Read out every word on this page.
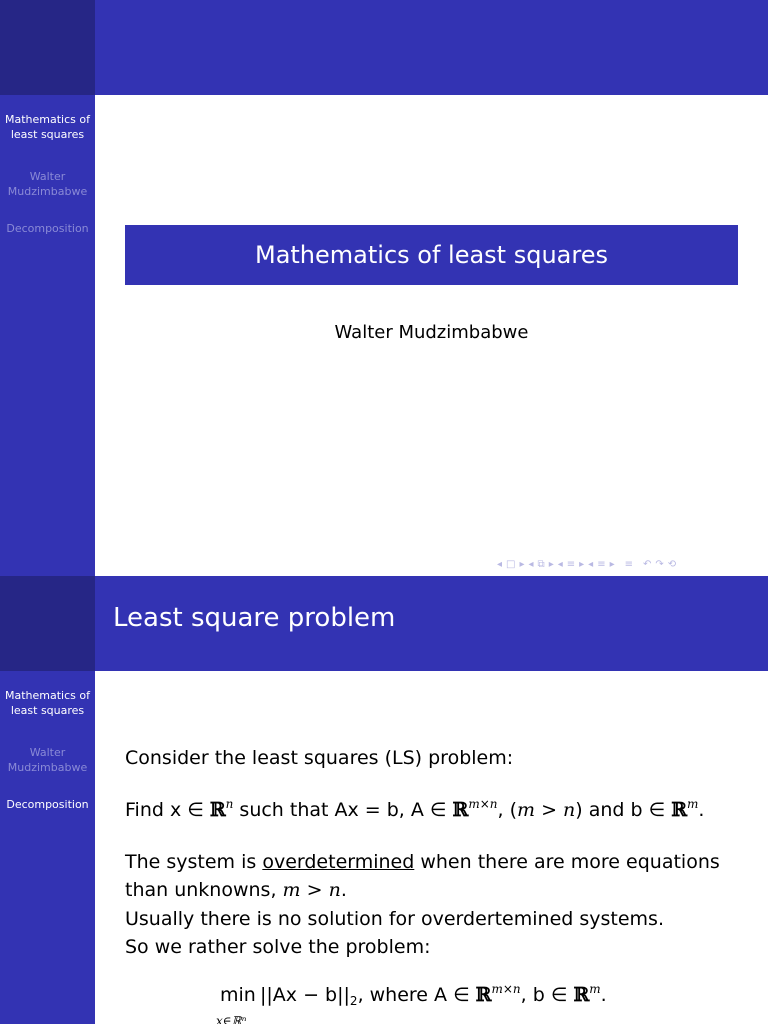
Mathematics of least squares
Walter Mudzimbabwe
Decomposition
Mathematics of least squares
Walter Mudzimbabwe
◂ □ ▸ ◂ ⧉ ▸ ◂ ≡ ▸ ◂ ≡ ▸ ≡ ↶ ↷ ⟲
Least square problem
Mathematics of least squares
Walter Mudzimbabwe
Decomposition
Consider the least squares (LS) problem:
Find x ∈ ℝ$^n$ such that Ax = b, A ∈ ℝ$^{m\times n}$, (m > n) and b ∈ ℝ$^m$.
The system is overdetermined when there are more equations
than unknowns, m > n.
Usually there is no solution for overdertemined systems.
So we rather solve the problem:
min
x∈ℝⁿ
$||Ax - b||_2$, where A ∈ ℝ$^{m\times n}$, b ∈ ℝ$^m$.
